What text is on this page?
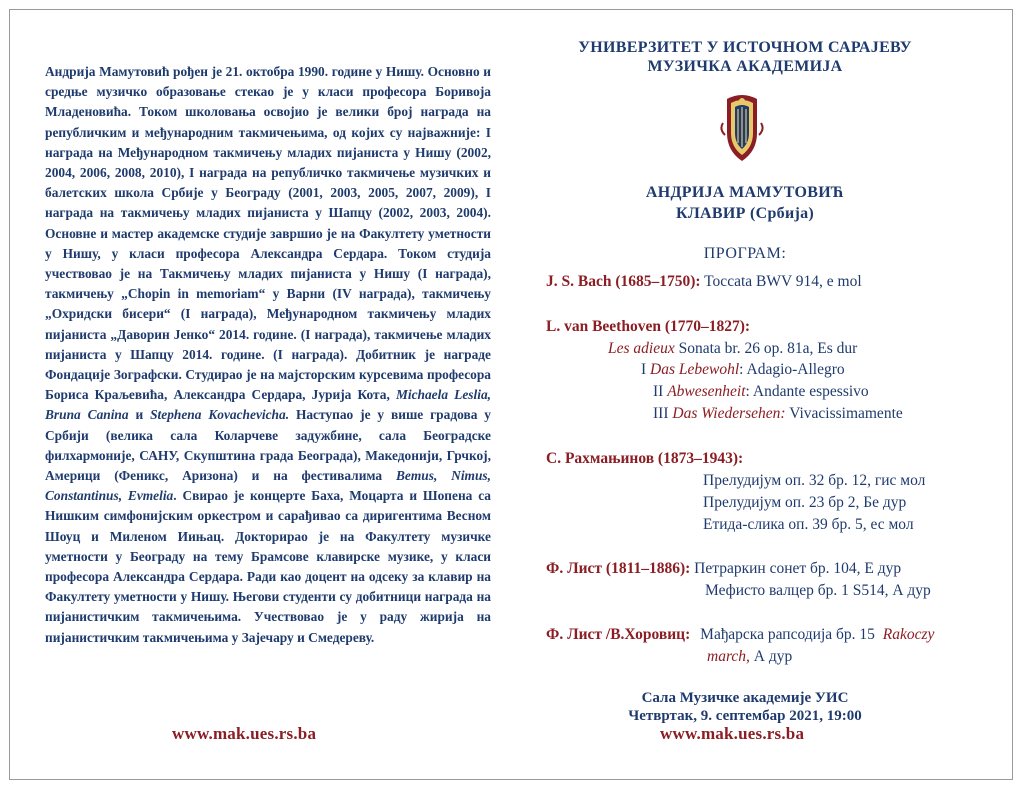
Андрија Мамутовић рођен је 21. октобра 1990. године у Нишу. Основно и средње музичко образовање стекао је у класи професора Боривоја Младеновића. Током школовања освојио је велики број награда на републичким и међународним такмичењима, од којих су најважније: I награда на Међународном такмичењу младих пијаниста у Нишу (2002, 2004, 2006, 2008, 2010), I награда на републичко такмичење музичких и балетских школа Србије у Београду (2001, 2003, 2005, 2007, 2009), I награда на такмичењу младих пијаниста у Шапцу (2002, 2003, 2004). Основне и мастер академске студије завршио је на Факултету уметности у Нишу, у класи професора Александра Сердара. Током студија учествовао је на Такмичењу младих пијаниста у Нишу (I награда), такмичењу „Chopin in memoriam“ у Варни (IV награда), такмичењу „Охридски бисери“ (I награда), Међународном такмичењу младих пијаниста „Даворин Јенко“ 2014. године. (I награда), такмичење младих пијаниста у Шапцу 2014. године. (I награда). Добитник је награде Фондације Зографски. Студирао је на мајсторским курсевима професора Бориса Краљевића, Александра Сердара, Јурија Кота, Michaela Leslia, Bruna Canina и Stephena Kovachevicha. Наступао је у више градова у Србији (велика сала Коларчеве задужбине, сала Београдске филхармоније, САНУ, Скупштина града Београда), Македонији, Грчкој, Америци (Феникс, Аризона) и на фестивалима Bemus, Nimus, Constantinus, Evmelia. Свирао је концерте Баха, Моцарта и Шопена са Нишким симфонијским оркестром и сарађивао са диригентима Весном Шоуц и Миленом Иињац. Докторирао је на Факултету музичке уметности у Београду на тему Брамсове клавирске музике, у класи професора Александра Сердара. Ради као доцент на одсеку за клавир на Факултету уметности у Нишу. Његови студенти су добитници награда на пијанистичким такмичењима. Учествовао је у раду жирија на пијанистичким такмичењима у Зајечару и Смедереву.

www.mak.ues.rs.ba
УНИВЕРЗИТЕТ У ИСТОЧНОМ САРАЈЕВУ
МУЗИЧКА АКАДЕМИЈА
АНДРИЈА МАМУТОВИЋ
КЛАВИР (Србија)
ПРОГРАМ:
J. S. Bach (1685–1750): Toccata BWV 914, e mol
L. van Beethoven (1770–1827):
Les adieux Sonata br. 26 op. 81a, Es dur
I Das Lebewohl: Adagio-Allegro
II Abwesenheit: Andante espessivo
III Das Wiedersehen: Vivacissimamente
С. Рахмањинов (1873–1943):
Прелудијум оп. 32 бр. 12, гис мол
Прелудијум оп. 23 бр 2, Бе дур
Етида-слика оп. 39 бр. 5, ес мол
Ф. Лист (1811–1886): Петраркин сонет бр. 104, Е дур
Мефисто валцер бр. 1 S514, А дур
Ф. Лист /В.Хоровиц: Мађарска рапсодија бр. 15 Rakoczy
march, А дур
Сала Музичке академије УИС
Четвртак, 9. септембар 2021, 19:00
www.mak.ues.rs.ba
